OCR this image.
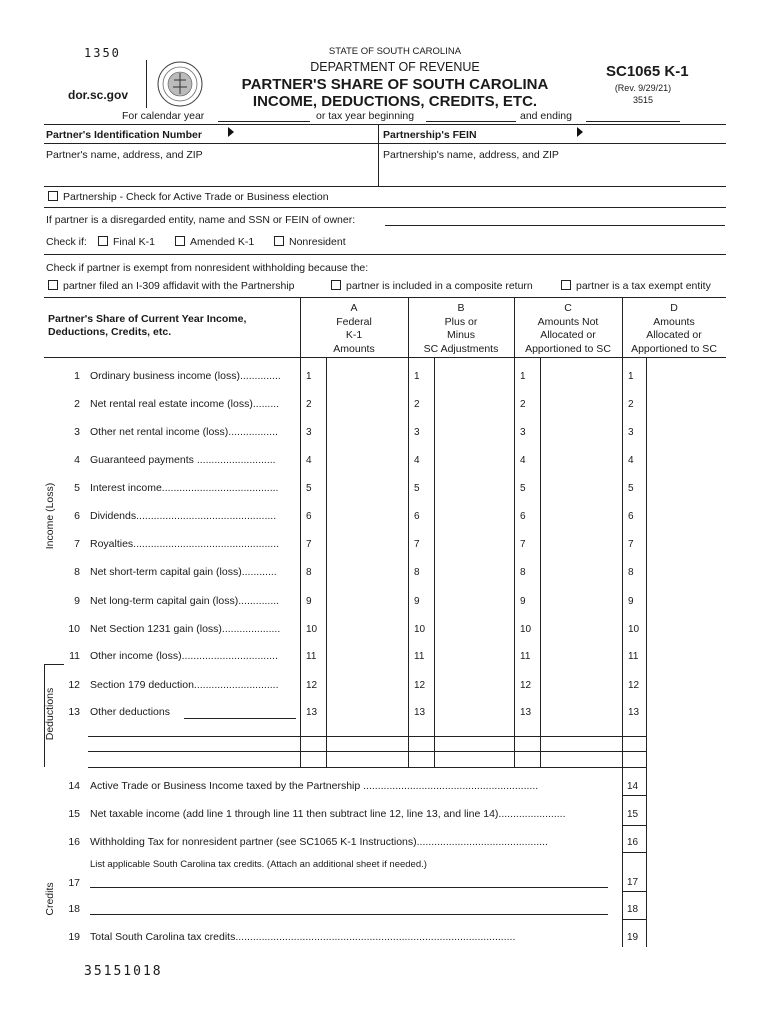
1350
dor.sc.gov
STATE OF SOUTH CAROLINA
DEPARTMENT OF REVENUE
PARTNER'S SHARE OF SOUTH CAROLINA
INCOME, DEDUCTIONS, CREDITS, ETC.
SC1065 K-1
(Rev. 9/29/21)
3515
For calendar year	or tax year beginning	and ending
Partner's Identification Number	Partnership's FEIN
Partner's name, address, and ZIP	Partnership's name, address, and ZIP
Partnership - Check for Active Trade or Business election
If partner is a disregarded entity, name and SSN or FEIN of owner:
Check if:	Final K-1	Amended K-1	Nonresident
Check if partner is exempt from nonresident withholding because the:
partner filed an I-309 affidavit with the Partnership	partner is included in a composite return	partner is a tax exempt entity
Partner's Share of Current Year Income,
Deductions, Credits, etc.
A
Federal
K-1
Amounts
B
Plus or
Minus
SC Adjustments
C
Amounts Not
Allocated or
Apportioned to SC
D
Amounts
Allocated or
Apportioned to SC
Income (Loss)
Deductions
Credits
1 Ordinary business income (loss)..............	1	1	1	1
2 Net rental real estate income (loss).........	2	2	2	2
3 Other net rental income (loss).................	3	3	3	3
4 Guaranteed payments ...........................	4	4	4	4
5 Interest income........................................	5	5	5	5
6 Dividends................................................	6	6	6	6
7 Royalties..................................................	7	7	7	7
8 Net short-term capital gain (loss)............	8	8	8	8
9 Net long-term capital gain (loss)..............	9	9	9	9
10 Net Section 1231 gain (loss)....................	10	10	10	10
11 Other income (loss).................................	11	11	11	11
12 Section 179 deduction.............................	12	12	12	12
13 Other deductions	13	13	13	13
14 Active Trade or Business Income taxed by the Partnership ............................................................	14
15 Net taxable income (add line 1 through line 11 then subtract line 12, line 13, and line 14).......................	15
16 Withholding Tax for nonresident partner (see SC1065 K-1 Instructions).............................................	16
List applicable South Carolina tax credits. (Attach an additional sheet if needed.)
17	17
18	18
19 Total South Carolina tax credits................................................................................................	19
35151018
